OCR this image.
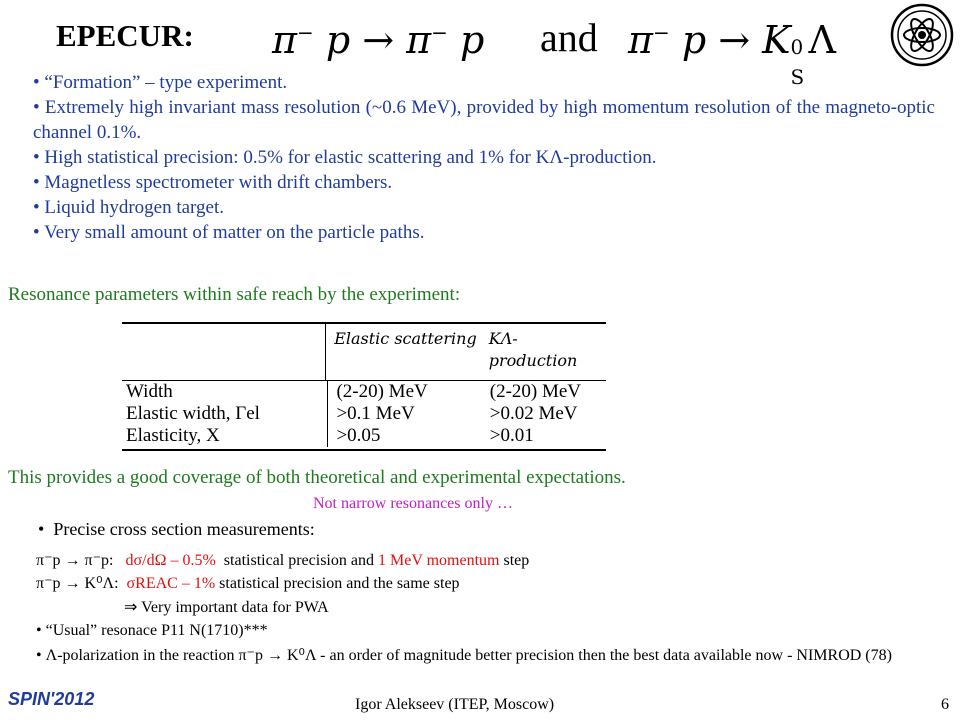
EPECUR: π− p → π− p and π− p → K 0
S
Λ
• “Formation” – type experiment.
• Extremely high invariant mass resolution (~0.6 MeV), provided by high momentum resolution of the magneto-optic channel 0.1%.
• High statistical precision: 0.5% for elastic scattering and 1% for KΛ-production.
• Magnetless spectrometer with drift chambers.
• Liquid hydrogen target.
• Very small amount of matter on the particle paths.
Resonance parameters within safe reach by the experiment:
Elastic scattering KΛ-production
Width
Elastic width, Γel
Elasticity, X
(2-20) MeV
>0.1 MeV
>0.05
(2-20) MeV
>0.02 MeV
>0.01
This provides a good coverage of both theoretical and experimental expectations.
Not narrow resonances only …
•  Precise cross section measurements:
π⁻p → π⁻p: dσ/dΩ – 0.5% statistical precision and 1 MeV momentum step
π⁻p → K⁰Λ: σREAC – 1% statistical precision and the same step
⇒ Very important data for PWA
• “Usual” resonace P11 N(1710)***
• Λ-polarization in the reaction π⁻p → K⁰Λ - an order of magnitude better precision then the best data available now - NIMROD (78)
SPIN'2012	Igor Alekseev (ITEP, Moscow)	6
